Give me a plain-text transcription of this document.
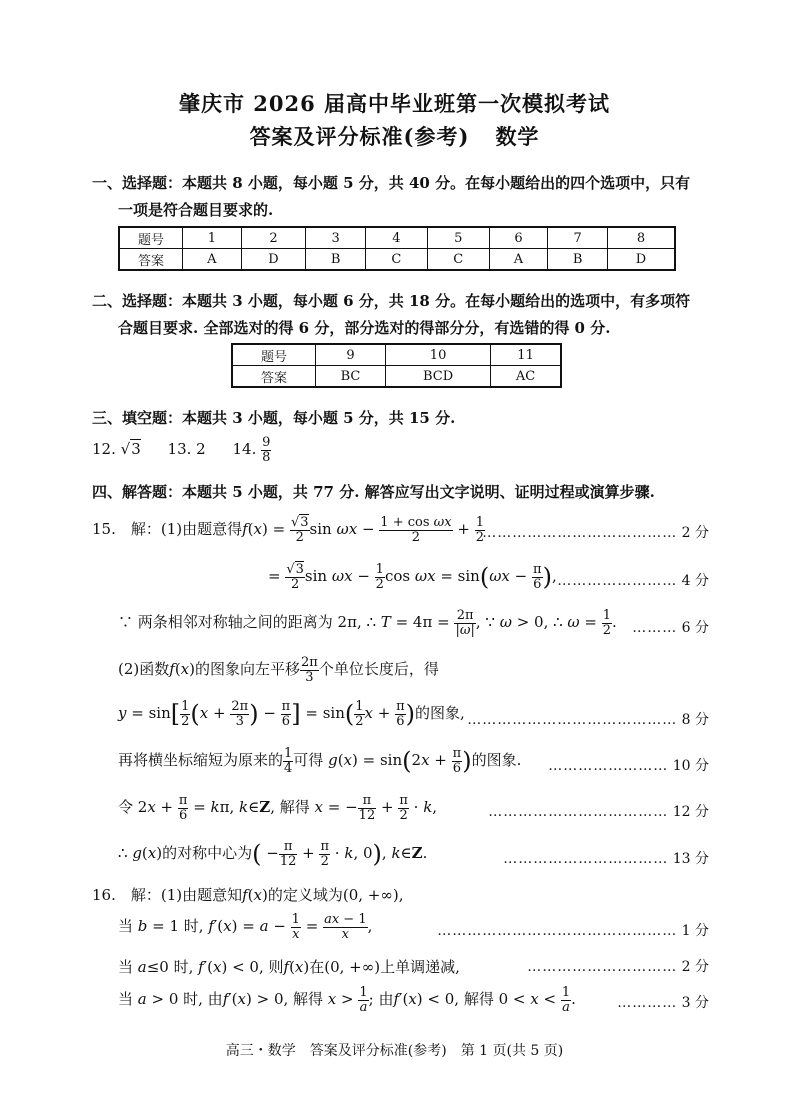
肇庆市 2026 届高中毕业班第一次模拟考试
答案及评分标准(参考) 数学
一、选择题：本题共 8 小题，每小题 5 分，共 40 分。在每小题给出的四个选项中，只有
一项是符合题目要求的.
题号	1	2	3	4	5	6	7	8
答案	A	D	B	C	C	A	B	D
二、选择题：本题共 3 小题，每小题 6 分，共 18 分。在每小题给出的选项中，有多项符
合题目要求. 全部选对的得 6 分，部分选对的得部分分，有选错的得 0 分.
题号	9	10	11
答案	BC	BCD	AC
三、填空题：本题共 3 小题，每小题 5 分，共 15 分.
12. √3 13. 2 14. $\frac{9}{8}$
四、解答题：本题共 5 小题，共 77 分. 解答应写出文字说明、证明过程或演算步骤.
15.　解：(1)由题意得$f(x) = \frac{√3}{2}$ $\sin \omega x - \frac{\text{1 + cos ωx}}{2} + \frac{1}{2}$
………………………………… 2 分
= $\frac{√3}{2}$ $\sin \omega x - \frac{1}{2}$ $\cos \omega x = \sin(\omega x - \frac{\pi}{6}$ ), …………………… 4 分
∵ 两条相邻对称轴之间的距离为 2π, ∴ $T = 4\pi = \frac{2\pi}{|\omega|}$ , ∵ ω > 0, ∴ $\omega = \frac{1}{2}$ . ……… 6 分
(2)函数f(x)的图象向左平移 $\frac{2\pi}{3}$ 个单位长度后，得
$y = \sin[ \frac{1}{2} (x + \frac{2\pi}{3}$ ) − $\frac{\pi}{6}$ ] = $\sin( \frac{1}{2}$ $x + \frac{\pi}{6}$ )的图象, …………………………………… 8 分
再将横坐标缩短为原来的 $\frac{1}{4}$ 可得 $g(x) = \sin(2x + \frac{\pi}{6}$ )的图象. …………………… 10 分
令 $2x + \frac{\pi}{6} = k\pi$, k∈Z, 解得 x = − $\frac{\pi}{12} + \frac{\pi}{2} \cdot k$,	……………………………… 12 分
∴ g(x)的对称中心为( − $\frac{\pi}{12} + \frac{\pi}{2} \cdot k$, 0), k∈Z.	…………………………… 13 分
16.　解：(1)由题意知f(x)的定义域为(0, +∞),
当 b = 1 时, $f'(x) = a - \frac{1}{x} = \frac{ax - 1}{x}$ ,	………………………………………… 1 分
当 a≤0 时, f′(x) < 0, 则f(x)在(0, +∞)上单调递减,	………………………… 2 分
当 a > 0 时, 由f′(x) > 0, 解得 $x > \frac{1}{a}$ ; 由f′(x) < 0, 解得 $0 < x < \frac{1}{a}$ .	………… 3 分
高三・数学　答案及评分标准(参考)　第 1 页(共 5 页)
